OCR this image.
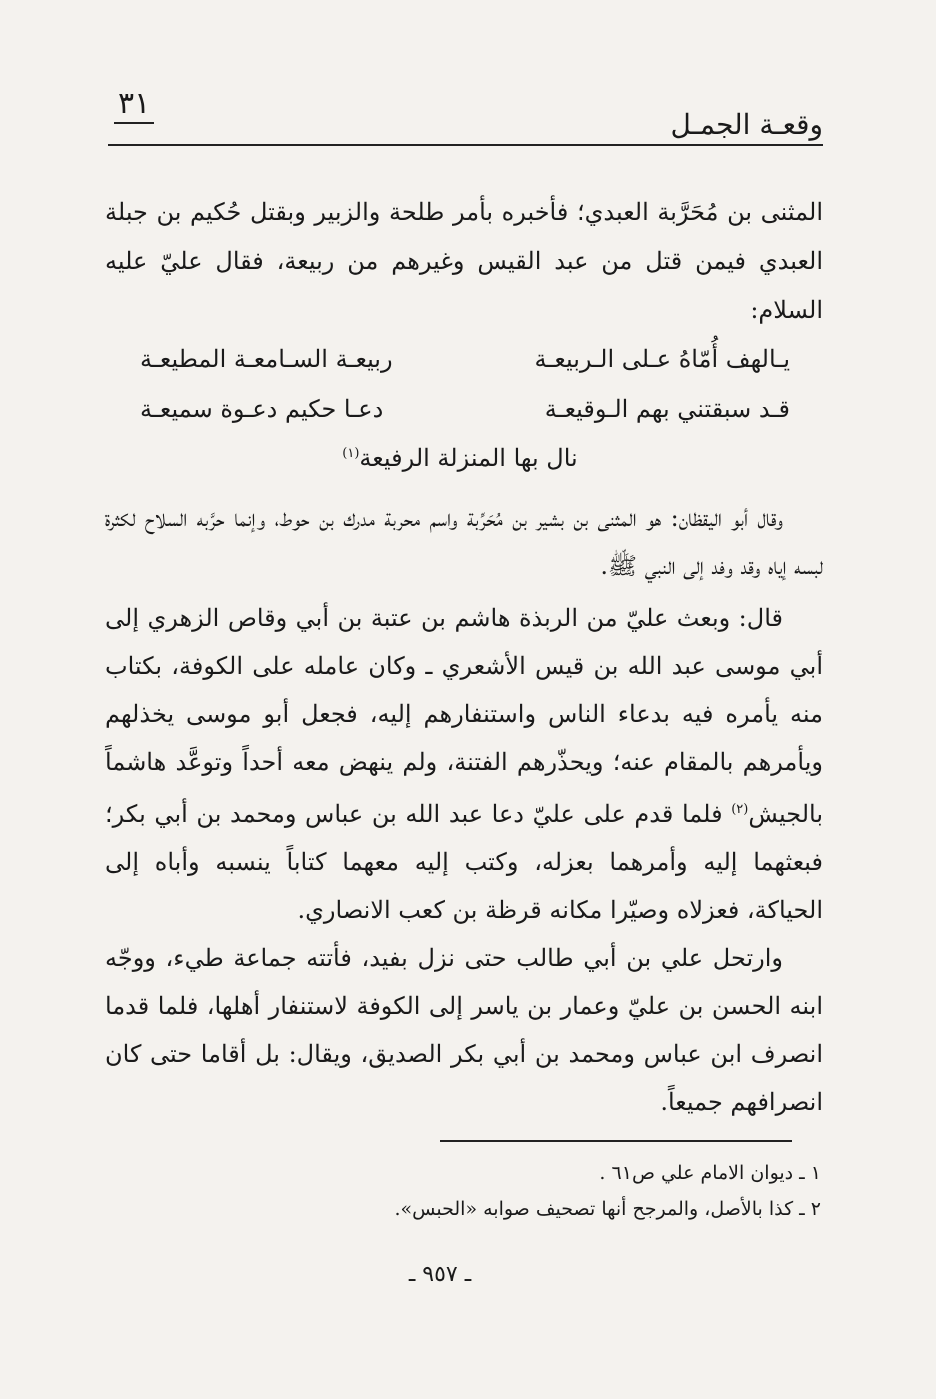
وقعـة الجمـل
٣١

المثنى بن مُحَرَّبة العبدي؛ فأخبره بأمر طلحة والزبير وبقتل حُكيم بن جبلة العبدي فيمن قتل من عبد القيس وغيرهم من ربيعة، فقال عليّ عليه السلام:

يـالهف أُمّاهُ عـلى الـربيعـة
ربيعـة السـامعـة المطيعـة
قـد سبقتني بهم الـوقيعـة
دعـا حكيم دعـوة سميعـة
نال بها المنزلة الرفيعة$^{(١)}$

وقال أبو اليقظان: هو المثنى بن بشير بن مُحَرِّبة واسم محربة مدرك بن حوط، وإنما حرَّبه السلاح لكثرة لبسه إياه وقد وفد إلى النبي ﷺ.

قال: وبعث عليّ من الربذة هاشم بن عتبة بن أبي وقاص الزهري إلى أبي موسى عبد الله بن قيس الأشعري ـ وكان عامله على الكوفة، بكتاب منه يأمره فيه بدعاء الناس واستنفارهم إليه، فجعل أبو موسى يخذلهم ويأمرهم بالمقام عنه؛ ويحذّرهم الفتنة، ولم ينهض معه أحداً وتوعَّد هاشماً بالجيش$^{(٢)}$ فلما قدم على عليّ دعا عبد الله بن عباس ومحمد بن أبي بكر؛ فبعثهما إليه وأمرهما بعزله، وكتب إليه معهما كتاباً ينسبه وأباه إلى الحياكة، فعزلاه وصيّرا مكانه قرظة بن كعب الانصاري.

وارتحل علي بن أبي طالب حتى نزل بفيد، فأتته جماعة طيء، ووجّه ابنه الحسن بن عليّ وعمار بن ياسر إلى الكوفة لاستنفار أهلها، فلما قدما انصرف ابن عباس ومحمد بن أبي بكر الصديق، ويقال: بل أقاما حتى كان انصرافهم جميعاً.

١ ـ ديوان الامام علي ص٦١ .
٢ ـ كذا بالأصل، والمرجح أنها تصحيف صوابه «الحبس».
ـ ٩٥٧ ـ
